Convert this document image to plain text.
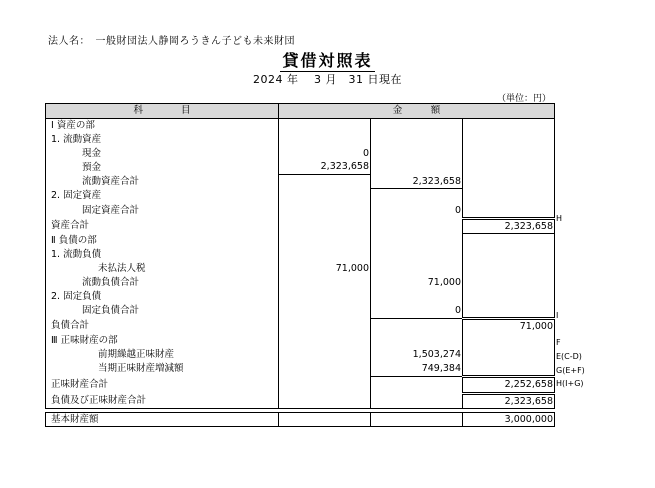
法人名：　一般財団法人静岡ろうきん子ども未来財団
貸借対照表
2024 年　 3 月　31 日現在
（単位：円）
科　　　　目	金　　　額		
Ⅰ 資産の部			
1. 流動資産			
現金	0		
預金	2,323,658		
流動資産合計		2,323,658	
2. 固定資産			
固定資産合計		0	
資産合計			2,323,658
Ⅱ 負債の部			
1. 流動負債			
未払法人税	71,000		
流動負債合計		71,000	
2. 固定負債			
固定負債合計		0	
負債合計			71,000
Ⅲ 正味財産の部			
前期繰越正味財産		1,503,274	
当期正味財産増減額		749,384	
正味財産合計			2,252,658
負債及び正味財産合計			2,323,658
H
I
F
E(C-D)
G(E+F)
H(I+G)
基本財産額			3,000,000
